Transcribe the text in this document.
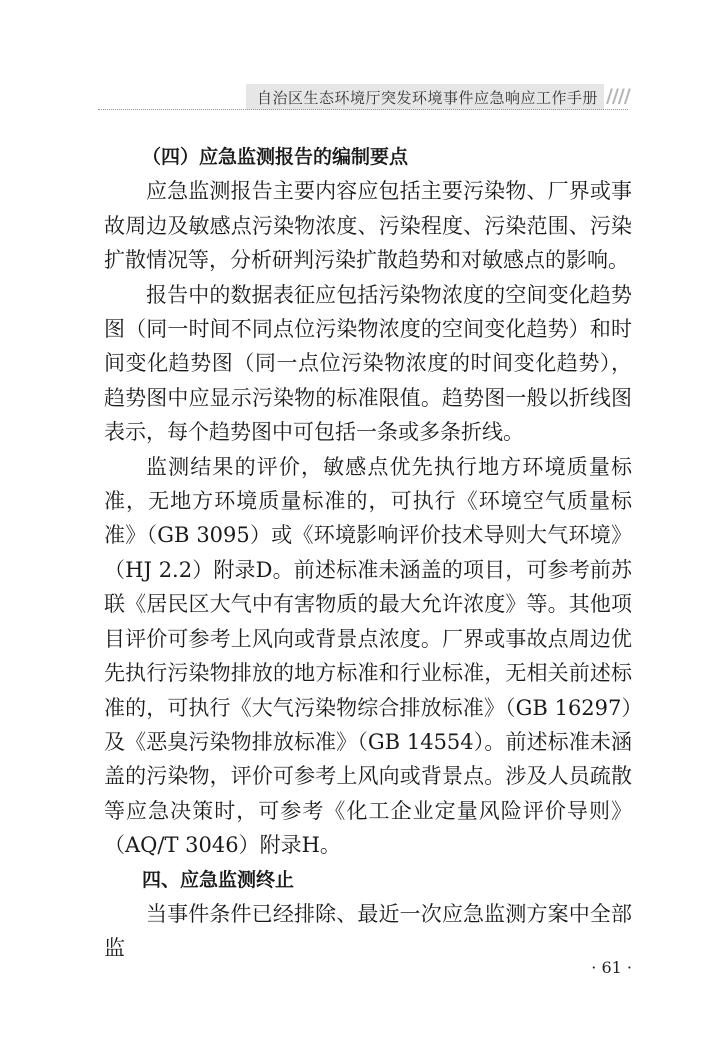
自治区生态环境厅突发环境事件应急响应工作手册 ////

（四）应急监测报告的编制要点

应急监测报告主要内容应包括主要污染物、厂界或事故周边及敏感点污染物浓度、污染程度、污染范围、污染扩散情况等，分析研判污染扩散趋势和对敏感点的影响。

报告中的数据表征应包括污染物浓度的空间变化趋势图（同一时间不同点位污染物浓度的空间变化趋势）和时间变化趋势图（同一点位污染物浓度的时间变化趋势），趋势图中应显示污染物的标准限值。趋势图一般以折线图表示，每个趋势图中可包括一条或多条折线。

监测结果的评价，敏感点优先执行地方环境质量标准，无地方环境质量标准的，可执行《环境空气质量标准》（GB 3095）或《环境影响评价技术导则大气环境》（HJ 2.2）附录D。前述标准未涵盖的项目，可参考前苏联《居民区大气中有害物质的最大允许浓度》等。其他项目评价可参考上风向或背景点浓度。厂界或事故点周边优先执行污染物排放的地方标准和行业标准，无相关前述标准的，可执行《大气污染物综合排放标准》（GB 16297）及《恶臭污染物排放标准》（GB 14554）。前述标准未涵盖的污染物，评价可参考上风向或背景点。涉及人员疏散等应急决策时，可参考《化工企业定量风险评价导则》（AQ/T 3046）附录H。

四、应急监测终止

当事件条件已经排除、最近一次应急监测方案中全部监

· 61 ·
